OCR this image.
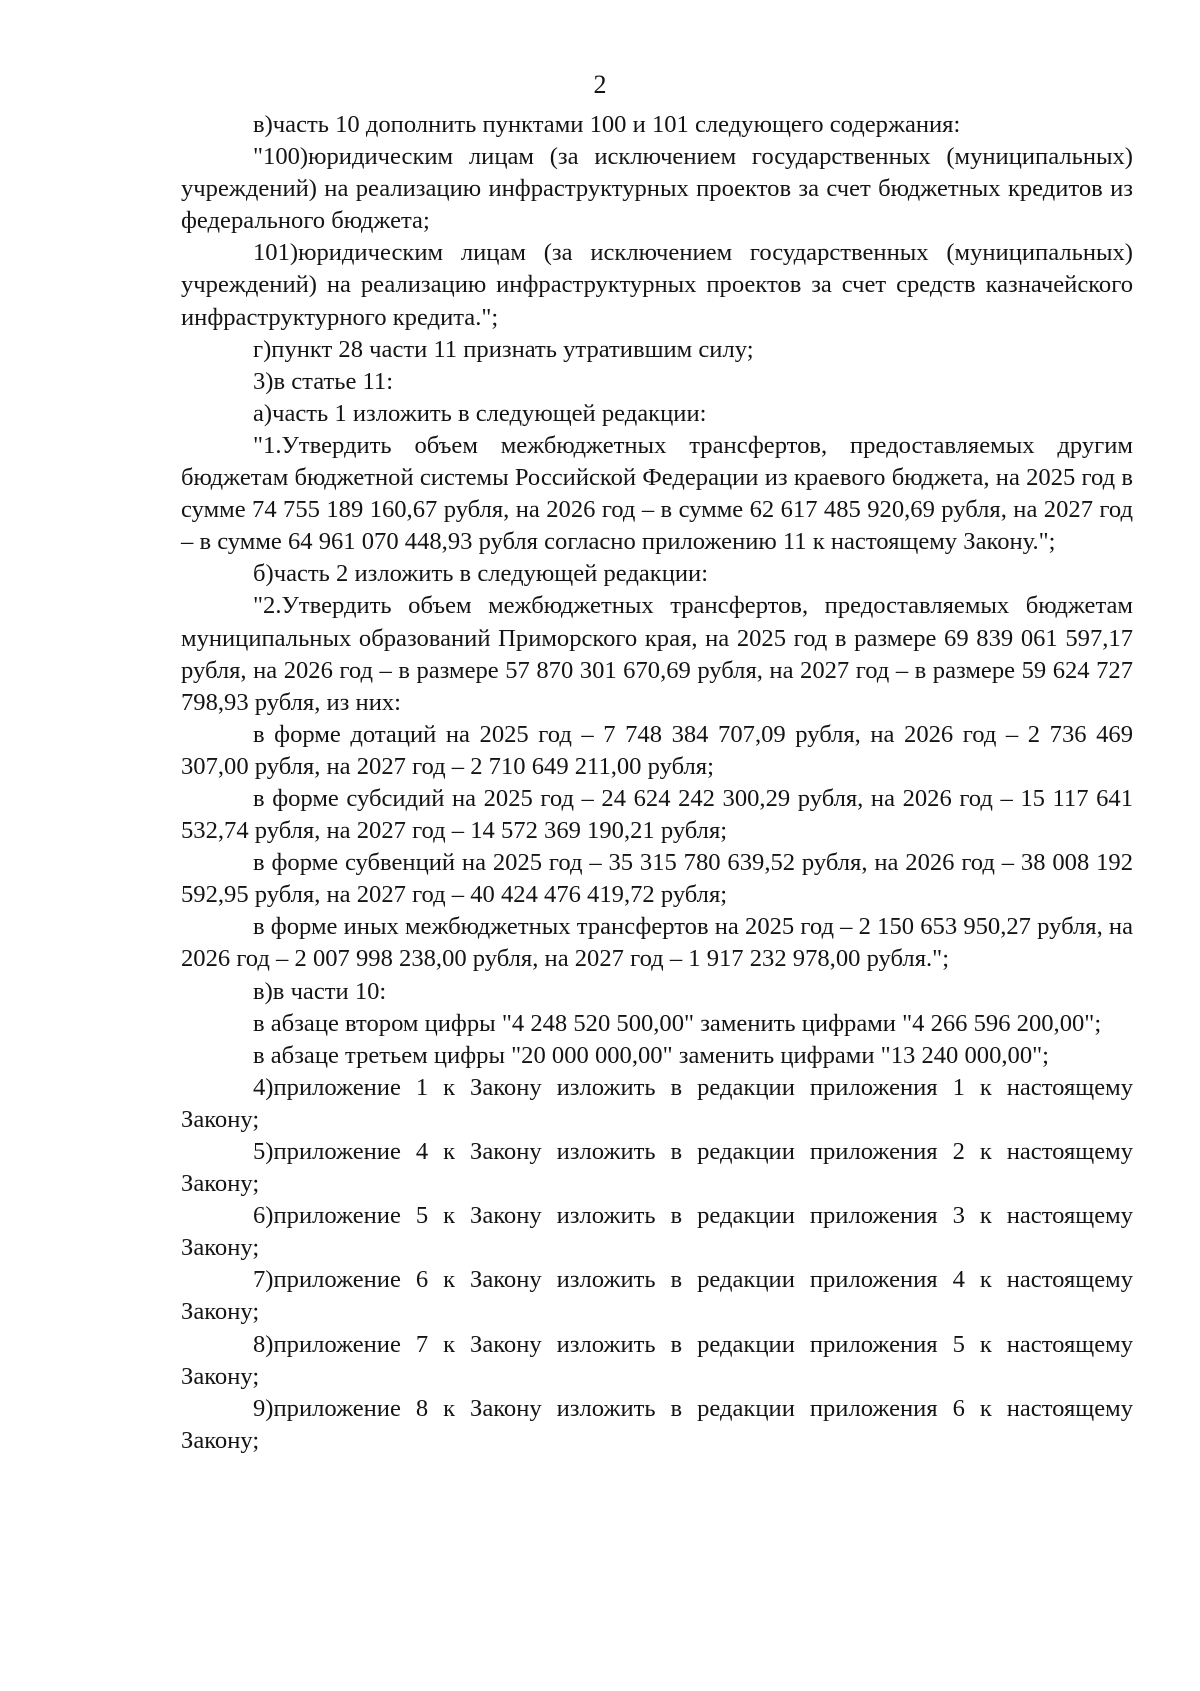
2

в)часть 10 дополнить пунктами 100 и 101 следующего содержания:

"100)юридическим лицам (за исключением государственных (муниципальных) учреждений) на реализацию инфраструктурных проектов за счет бюджетных кредитов из федерального бюджета;

101)юридическим лицам (за исключением государственных (муниципальных) учреждений) на реализацию инфраструктурных проектов за счет средств казначейского инфраструктурного кредита.";

г)пункт 28 части 11 признать утратившим силу;

3)в статье 11:

а)часть 1 изложить в следующей редакции:

"1.Утвердить объем межбюджетных трансфертов, предоставляемых другим бюджетам бюджетной системы Российской Федерации из краевого бюджета, на 2025 год в сумме 74 755 189 160,67 рубля, на 2026 год – в сумме 62 617 485 920,69 рубля, на 2027 год – в сумме 64 961 070 448,93 рубля согласно приложению 11 к настоящему Закону.";

б)часть 2 изложить в следующей редакции:

"2.Утвердить объем межбюджетных трансфертов, предоставляемых бюджетам муниципальных образований Приморского края, на 2025 год в размере 69 839 061 597,17 рубля, на 2026 год – в размере 57 870 301 670,69 рубля, на 2027 год – в размере 59 624 727 798,93 рубля, из них:

в форме дотаций на 2025 год – 7 748 384 707,09 рубля, на 2026 год – 2 736 469 307,00 рубля, на 2027 год – 2 710 649 211,00 рубля;

в форме субсидий на 2025 год – 24 624 242 300,29 рубля, на 2026 год – 15 117 641 532,74 рубля, на 2027 год – 14 572 369 190,21 рубля;

в форме субвенций на 2025 год – 35 315 780 639,52 рубля, на 2026 год – 38 008 192 592,95 рубля, на 2027 год – 40 424 476 419,72 рубля;

в форме иных межбюджетных трансфертов на 2025 год – 2 150 653 950,27 рубля, на 2026 год – 2 007 998 238,00 рубля, на 2027 год – 1 917 232 978,00 рубля.";

в)в части 10:

в абзаце втором цифры "4 248 520 500,00" заменить цифрами "4 266 596 200,00";

в абзаце третьем цифры "20 000 000,00" заменить цифрами "13 240 000,00";

4)приложение 1 к Закону изложить в редакции приложения 1 к настоящему Закону;

5)приложение 4 к Закону изложить в редакции приложения 2 к настоящему Закону;

6)приложение 5 к Закону изложить в редакции приложения 3 к настоящему Закону;

7)приложение 6 к Закону изложить в редакции приложения 4 к настоящему Закону;

8)приложение 7 к Закону изложить в редакции приложения 5 к настоящему Закону;

9)приложение 8 к Закону изложить в редакции приложения 6 к настоящему Закону;
